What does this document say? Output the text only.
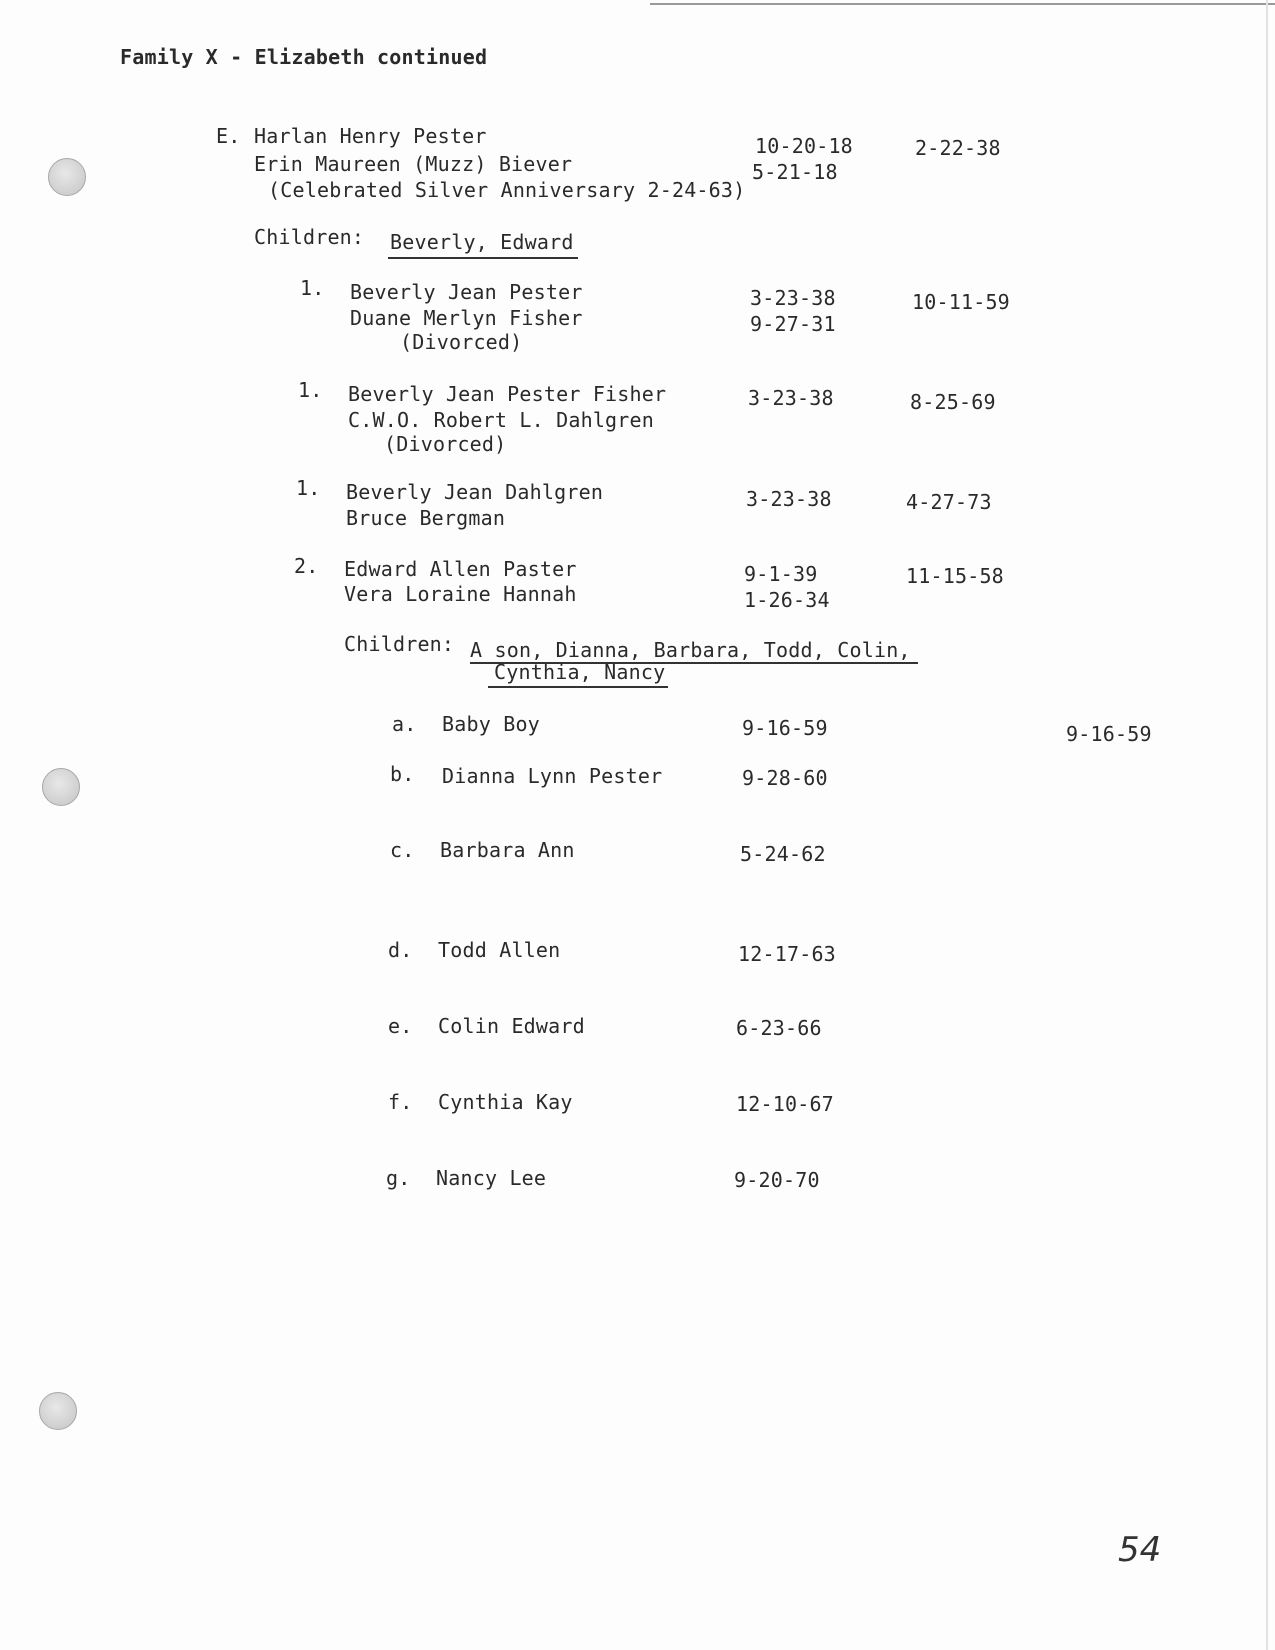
Family X - Elizabeth continued
E. Harlan Henry Pester	10-20-18	2-22-38
Erin Maureen (Muzz) Biever	5-21-18
(Celebrated Silver Anniversary 2-24-63)
Children: Beverly, Edward
1. Beverly Jean Pester	3-23-38	10-11-59
Duane Merlyn Fisher	9-27-31
(Divorced)
1. Beverly Jean Pester Fisher	3-23-38	8-25-69
C.W.O. Robert L. Dahlgren
(Divorced)
1. Beverly Jean Dahlgren	3-23-38	4-27-73
Bruce Bergman
2. Edward Allen Paster	9-1-39	11-15-58
Vera Loraine Hannah	1-26-34
Children: A son, Dianna, Barbara, Todd, Colin,
Cynthia, Nancy
a. Baby Boy	9-16-59	9-16-59
b. Dianna Lynn Pester	9-28-60
c. Barbara Ann	5-24-62
d. Todd Allen	12-17-63
e. Colin Edward	6-23-66
f. Cynthia Kay	12-10-67
g. Nancy Lee	9-20-70
54
